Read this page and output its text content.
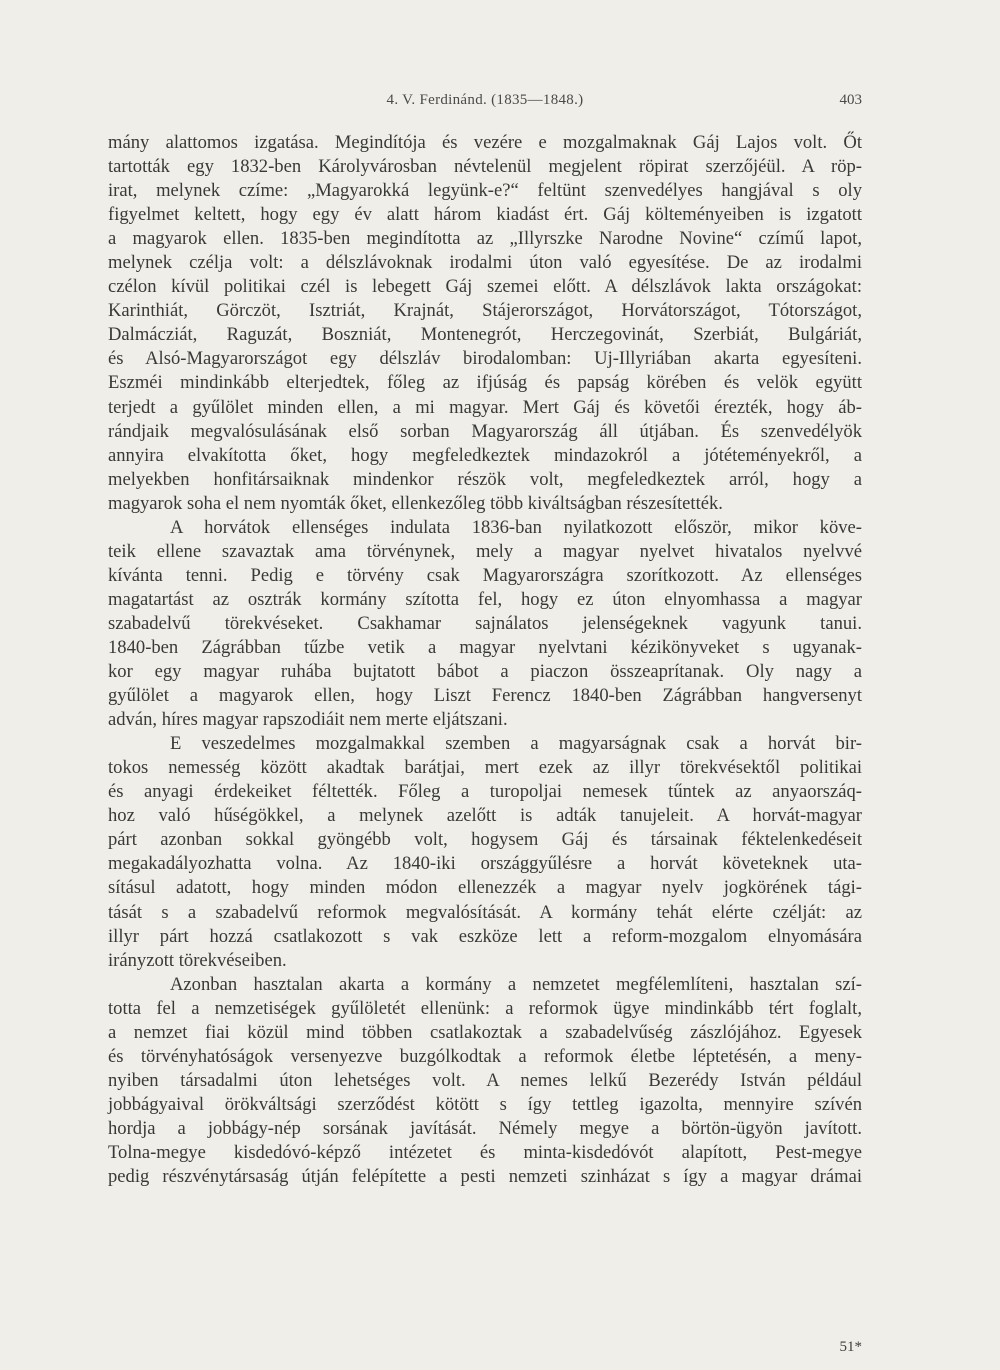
4. V. Ferdinánd. (1835—1848.)	403
mány alattomos izgatása. Megindítója és vezére e mozgalmaknak Gáj Lajos volt. Őt
tartották egy 1832-ben Károlyvárosban névtelenül megjelent röpirat szerzőjéül. A röp-
irat, melynek czíme: „Magyarokká legyünk-e?“ feltünt szenvedélyes hangjával s oly
figyelmet keltett, hogy egy év alatt három kiadást ért. Gáj költeményeiben is izgatott
a magyarok ellen. 1835-ben megindította az „Illyrszke Narodne Novine“ czímű lapot,
melynek czélja volt: a délszlávoknak irodalmi úton való egyesítése. De az irodalmi
czélon kívül politikai czél is lebegett Gáj szemei előtt. A délszlávok lakta országokat:
Karinthiát, Görczöt, Isztriát, Krajnát, Stájerországot, Horvátországot, Tótországot,
Dalmácziát, Raguzát, Boszniát, Montenegrót, Herczegovinát, Szerbiát, Bulgáriát,
és Alsó-Magyarországot egy délszláv birodalomban: Uj-Illyriában akarta egyesíteni.
Eszméi mindinkább elterjedtek, főleg az ifjúság és papság körében és velök együtt
terjedt a gyűlölet minden ellen, a mi magyar. Mert Gáj és követői érezték, hogy áb-
rándjaik megvalósulásának első sorban Magyarország áll útjában. És szenvedélyök
annyira elvakította őket, hogy megfeledkeztek mindazokról a jótéteményekről, a
melyekben honfitársaiknak mindenkor részök volt, megfeledkeztek arról, hogy a
magyarok soha el nem nyomták őket, ellenkezőleg több kiváltságban részesítették.
A horvátok ellenséges indulata 1836-ban nyilatkozott először, mikor köve-
teik ellene szavaztak ama törvénynek, mely a magyar nyelvet hivatalos nyelvvé
kívánta tenni. Pedig e törvény csak Magyarországra szorítkozott. Az ellenséges
magatartást az osztrák kormány szította fel, hogy ez úton elnyomhassa a magyar
szabadelvű törekvéseket. Csakhamar sajnálatos jelenségeknek vagyunk tanui.
1840-ben Zágrábban tűzbe vetik a magyar nyelvtani kézikönyveket s ugyanak-
kor egy magyar ruhába bujtatott bábot a piaczon összeaprítanak. Oly nagy a
gyűlölet a magyarok ellen, hogy Liszt Ferencz 1840-ben Zágrábban hangversenyt
adván, híres magyar rapszodiáit nem merte eljátszani.
E veszedelmes mozgalmakkal szemben a magyarságnak csak a horvát bir-
tokos nemesség között akadtak barátjai, mert ezek az illyr törekvésektől politikai
és anyagi érdekeiket féltették. Főleg a turopoljai nemesek tűntek az anyaorszáq-
hoz való hűségökkel, a melynek azelőtt is adták tanujeleit. A horvát-magyar
párt azonban sokkal gyöngébb volt, hogysem Gáj és társainak féktelenkedéseit
megakadályozhatta volna. Az 1840-iki országgyűlésre a horvát követeknek uta-
sításul adatott, hogy minden módon ellenezzék a magyar nyelv jogkörének tági-
tását s a szabadelvű reformok megvalósítását. A kormány tehát elérte czélját: az
illyr párt hozzá csatlakozott s vak eszköze lett a reform-mozgalom elnyomására
irányzott törekvéseiben.
Azonban hasztalan akarta a kormány a nemzetet megfélemlíteni, hasztalan szí-
totta fel a nemzetiségek gyűlöletét ellenünk: a reformok ügye mindinkább tért foglalt,
a nemzet fiai közül mind többen csatlakoztak a szabadelvűség zászlójához. Egyesek
és törvényhatóságok versenyezve buzgólkodtak a reformok életbe léptetésén, a meny-
nyiben társadalmi úton lehetséges volt. A nemes lelkű Bezerédy István például
jobbágyaival örökváltsági szerződést kötött s így tettleg igazolta, mennyire szívén
hordja a jobbágy-nép sorsának javítását. Némely megye a börtön-ügyön javított.
Tolna-megye kisdedóvó-képző intézetet és minta-kisdedóvót alapított, Pest-megye
pedig részvénytársaság útján felépítette a pesti nemzeti szinházat s így a magyar drámai
51*
